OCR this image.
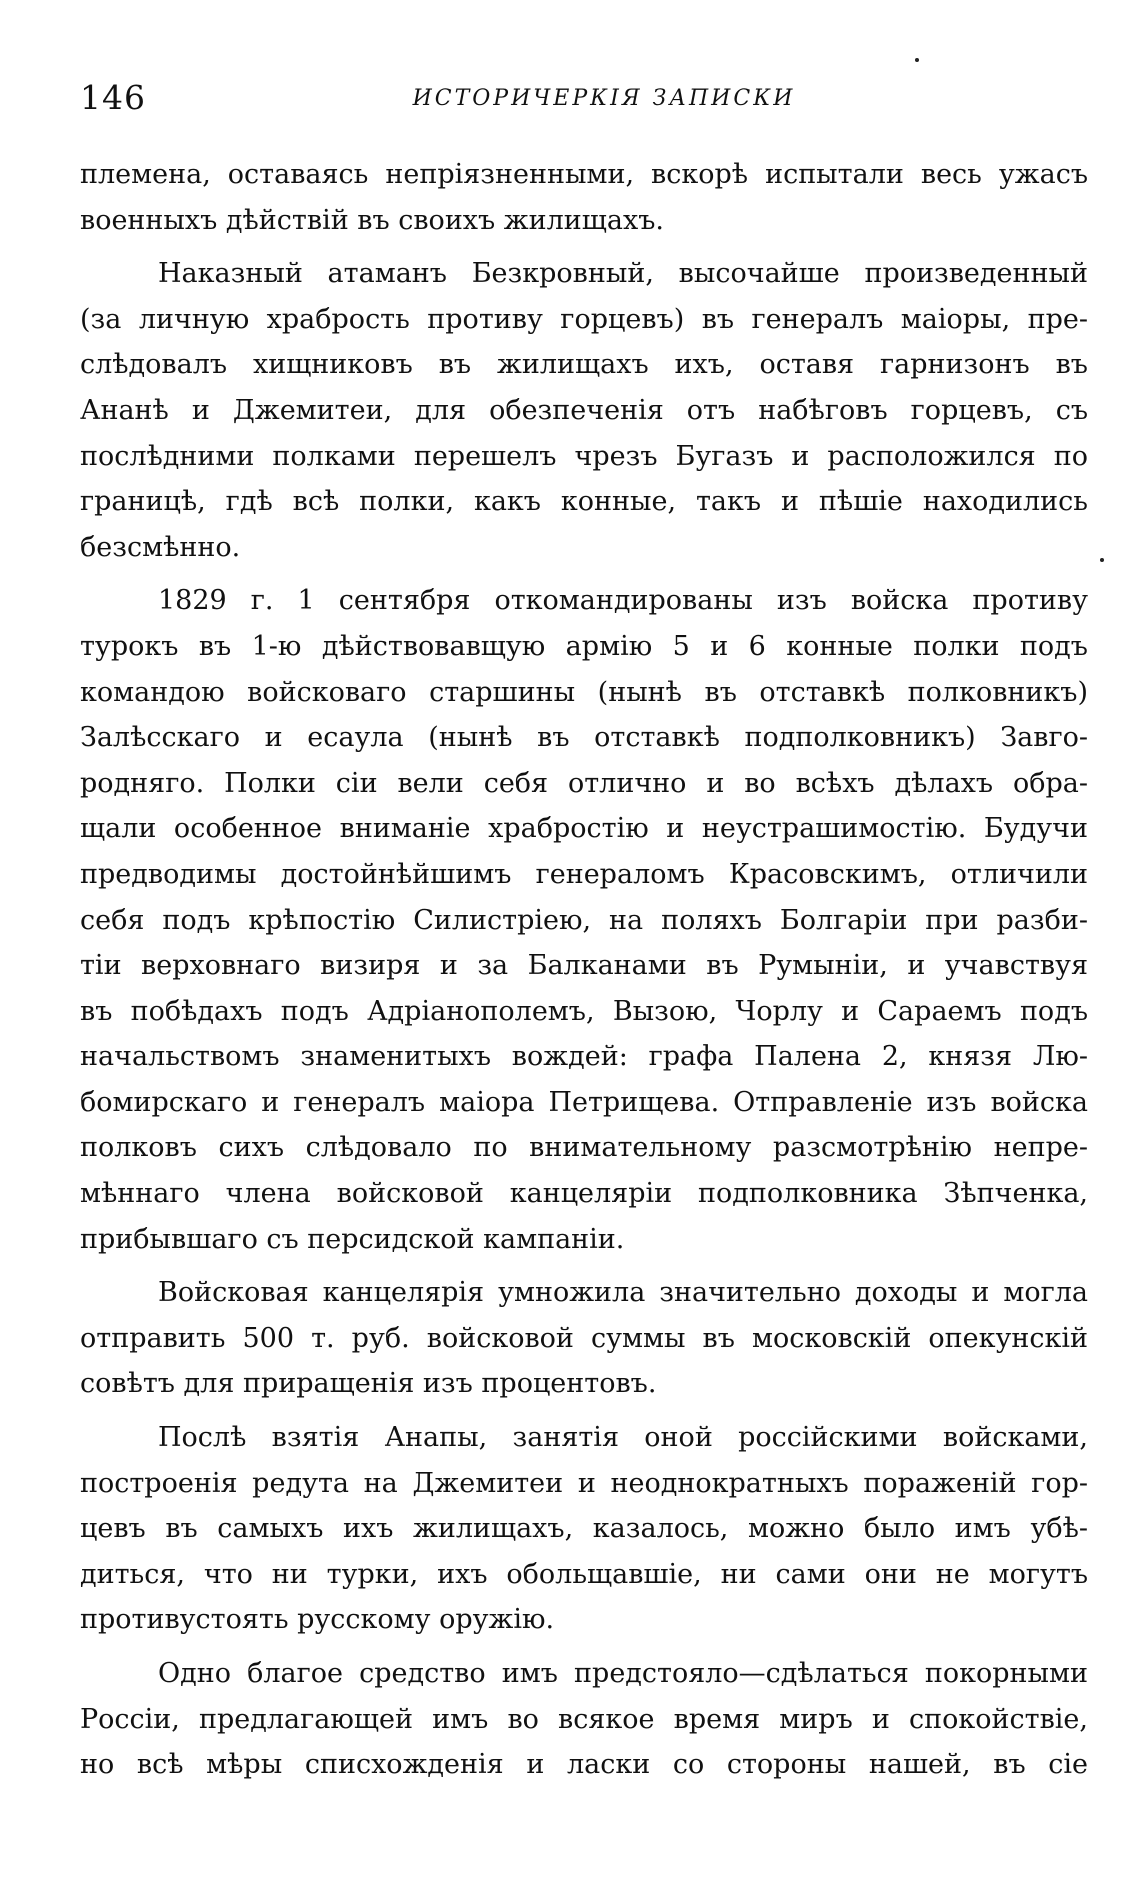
146	ИСТОРИЧЕРКІЯ ЗАПИСКИ
племена, оставаясь непріязненными, вскорѣ испытали весь ужасъ
военныхъ дѣйствій въ своихъ жилищахъ.
Наказный атаманъ Безкровный, высочайше произведенный
(за личную храбрость противу горцевъ) въ генералъ маіоры, пре-
слѣдовалъ хищниковъ въ жилищахъ ихъ, оставя гарнизонъ въ
Ананѣ и Джемитеи, для обезпеченія отъ набѣговъ горцевъ, съ
послѣдними полками перешелъ чрезъ Бугазъ и расположился по
границѣ, гдѣ всѣ полки, какъ конные, такъ и пѣшіе находились
безсмѣнно.
1829 г. 1 сентября откомандированы изъ войска противу
турокъ въ 1-ю дѣйствовавщую армію 5 и 6 конные полки подъ
командою войсковаго старшины (нынѣ въ отставкѣ полковникъ)
Залѣсскаго и есаула (нынѣ въ отставкѣ подполковникъ) Завго-
родняго. Полки сіи вели себя отлично и во всѣхъ дѣлахъ обра-
щали особенное вниманіе храбростію и неустрашимостію. Будучи
предводимы достойнѣйшимъ генераломъ Красовскимъ, отличили
себя подъ крѣпостію Силистріею, на поляхъ Болгаріи при разби-
тіи верховнаго визиря и за Балканами въ Румыніи, и учавствуя
въ побѣдахъ подъ Адріанополемъ, Вызою, Чорлу и Сараемъ подъ
начальствомъ знаменитыхъ вождей: графа Палена 2, князя Лю-
бомирскаго и генералъ маіора Петрищева. Отправленіе изъ войска
полковъ сихъ слѣдовало по внимательному разсмотрѣнію непре-
мѣннаго члена войсковой канцеляріи подполковника Зѣпченка,
прибывшаго съ персидской кампаніи.
Войсковая канцелярія умножила значительно доходы и могла
отправить 500 т. руб. войсковой суммы въ московскій опекунскій
совѣтъ для приращенія изъ процентовъ.
Послѣ взятія Анапы, занятія оной россійскими войсками,
построенія редута на Джемитеи и неоднократныхъ пораженій гор-
цевъ въ самыхъ ихъ жилищахъ, казалось, можно было имъ убѣ-
диться, что ни турки, ихъ обольщавшіе, ни сами они не могутъ
противустоять русскому оружію.
Одно благое средство имъ предстояло—сдѣлаться покорными
Россіи, предлагающей имъ во всякое время миръ и спокойствіе,
но всѣ мѣры списхожденія и ласки со стороны нашей, въ сіе
